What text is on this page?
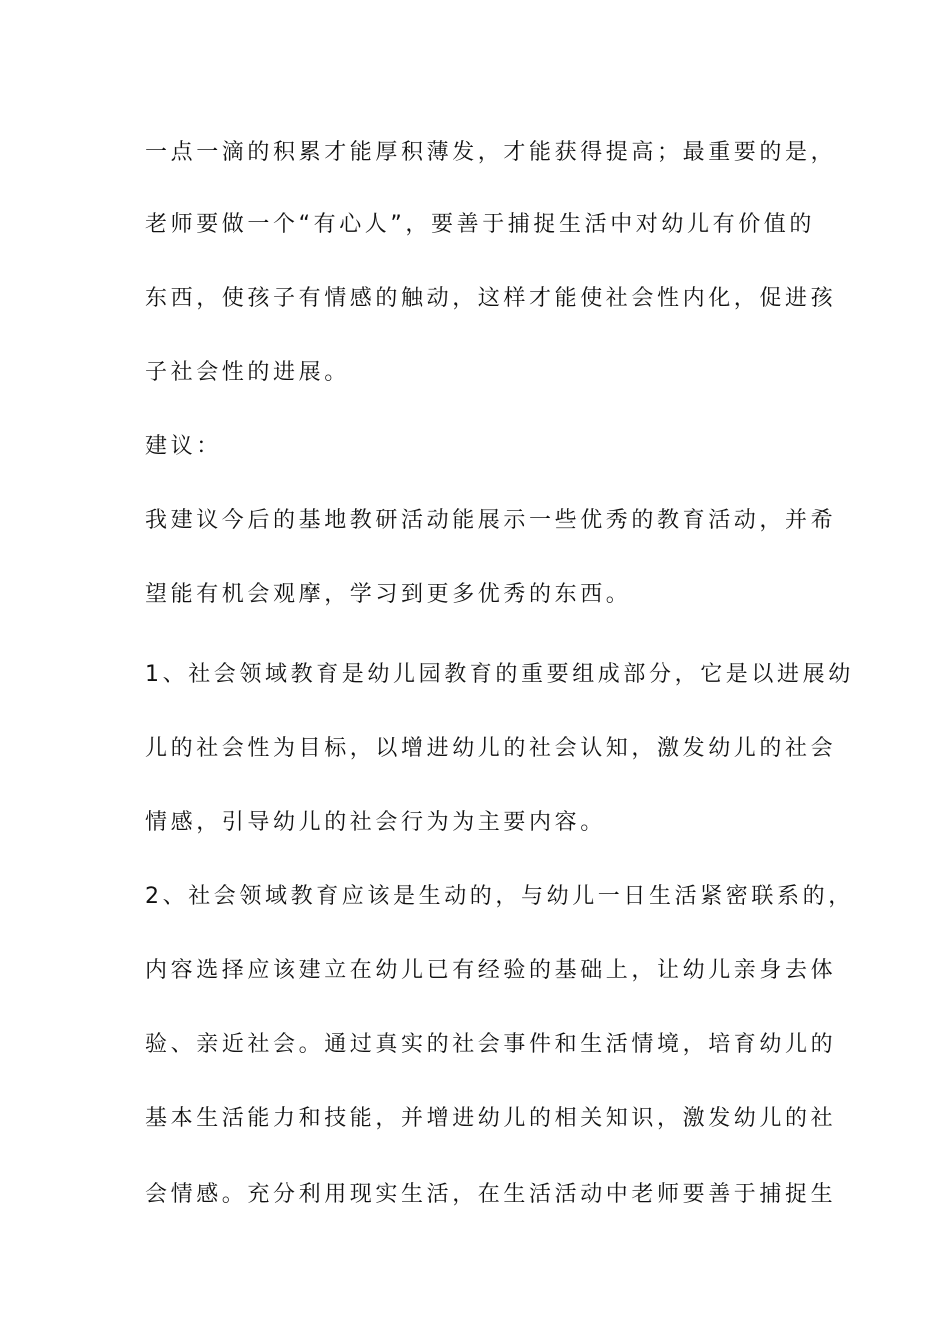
一点一滴的积累才能厚积薄发，才能获得提高；最重要的是，
老师要做一个“有心人”，要善于捕捉生活中对幼儿有价值的
东西，使孩子有情感的触动，这样才能使社会性内化，促进孩
子社会性的进展。
建议：
我建议今后的基地教研活动能展示一些优秀的教育活动，并希
望能有机会观摩，学习到更多优秀的东西。
1、社会领域教育是幼儿园教育的重要组成部分，它是以进展幼
儿的社会性为目标，以增进幼儿的社会认知，激发幼儿的社会
情感，引导幼儿的社会行为为主要内容。
2、社会领域教育应该是生动的，与幼儿一日生活紧密联系的，
内容选择应该建立在幼儿已有经验的基础上，让幼儿亲身去体
验、亲近社会。通过真实的社会事件和生活情境，培育幼儿的
基本生活能力和技能，并增进幼儿的相关知识，激发幼儿的社
会情感。充分利用现实生活，在生活活动中老师要善于捕捉生
